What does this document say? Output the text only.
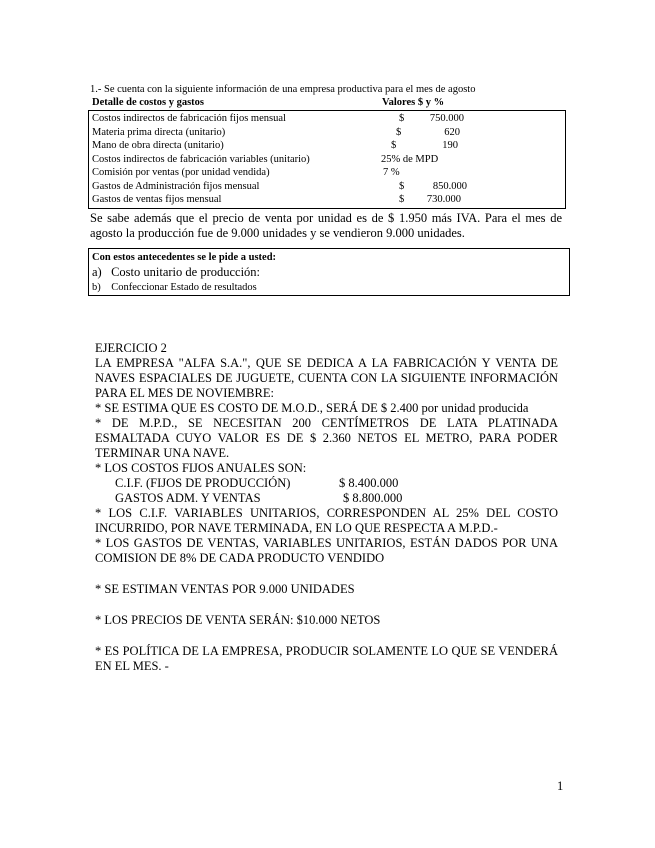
1.- Se cuenta con la siguiente información de una empresa productiva para el mes de agosto
Detalle de costos y gastos	Valores $ y %
Costos indirectos de fabricación fijos mensual	$ 750.000
Materia prima directa (unitario)	$	620
Mano de obra directa (unitario)	$	190
Costos indirectos de fabricación variables (unitario)	25% de MPD
Comisión por ventas (por unidad vendida)	7 %
Gastos de Administración fijos mensual	$	850.000
Gastos de ventas fijos mensual	$ 730.000
Se sabe además que el precio de venta por unidad es de $ 1.950 más IVA. Para el mes de agosto la producción fue de 9.000 unidades y se vendieron 9.000 unidades.
Con estos antecedentes se le pide a usted:
a)   Costo unitario de producción:
b)    Confeccionar Estado de resultados

EJERCICIO 2

LA EMPRESA "ALFA S.A.", QUE SE DEDICA A LA FABRICACIÓN Y VENTA DE NAVES ESPACIALES DE JUGUETE, CUENTA CON LA SIGUIENTE INFORMACIÓN PARA EL MES DE NOVIEMBRE:

* SE ESTIMA QUE ES COSTO DE M.O.D., SERÁ DE $ 2.400 por unidad producida

* DE M.P.D., SE NECESITAN 200 CENTÍMETROS DE LATA PLATINADA ESMALTADA CUYO VALOR ES DE $ 2.360 NETOS EL METRO, PARA PODER TERMINAR UNA NAVE.

* LOS COSTOS FIJOS ANUALES SON:

C.I.F. (FIJOS DE PRODUCCIÓN)	$ 8.400.000
GASTOS ADM. Y VENTAS	$ 8.800.000

* LOS C.I.F. VARIABLES UNITARIOS, CORRESPONDEN AL 25% DEL COSTO INCURRIDO, POR NAVE TERMINADA, EN LO QUE RESPECTA A M.P.D.-

* LOS GASTOS DE VENTAS, VARIABLES UNITARIOS, ESTÁN DADOS POR UNA COMISION DE 8% DE CADA PRODUCTO VENDIDO

* SE ESTIMAN VENTAS POR 9.000 UNIDADES

* LOS PRECIOS DE VENTA SERÁN: $10.000 NETOS

* ES POLÍTICA DE LA EMPRESA, PRODUCIR SOLAMENTE LO QUE SE VENDERÁ EN EL MES. -

1
